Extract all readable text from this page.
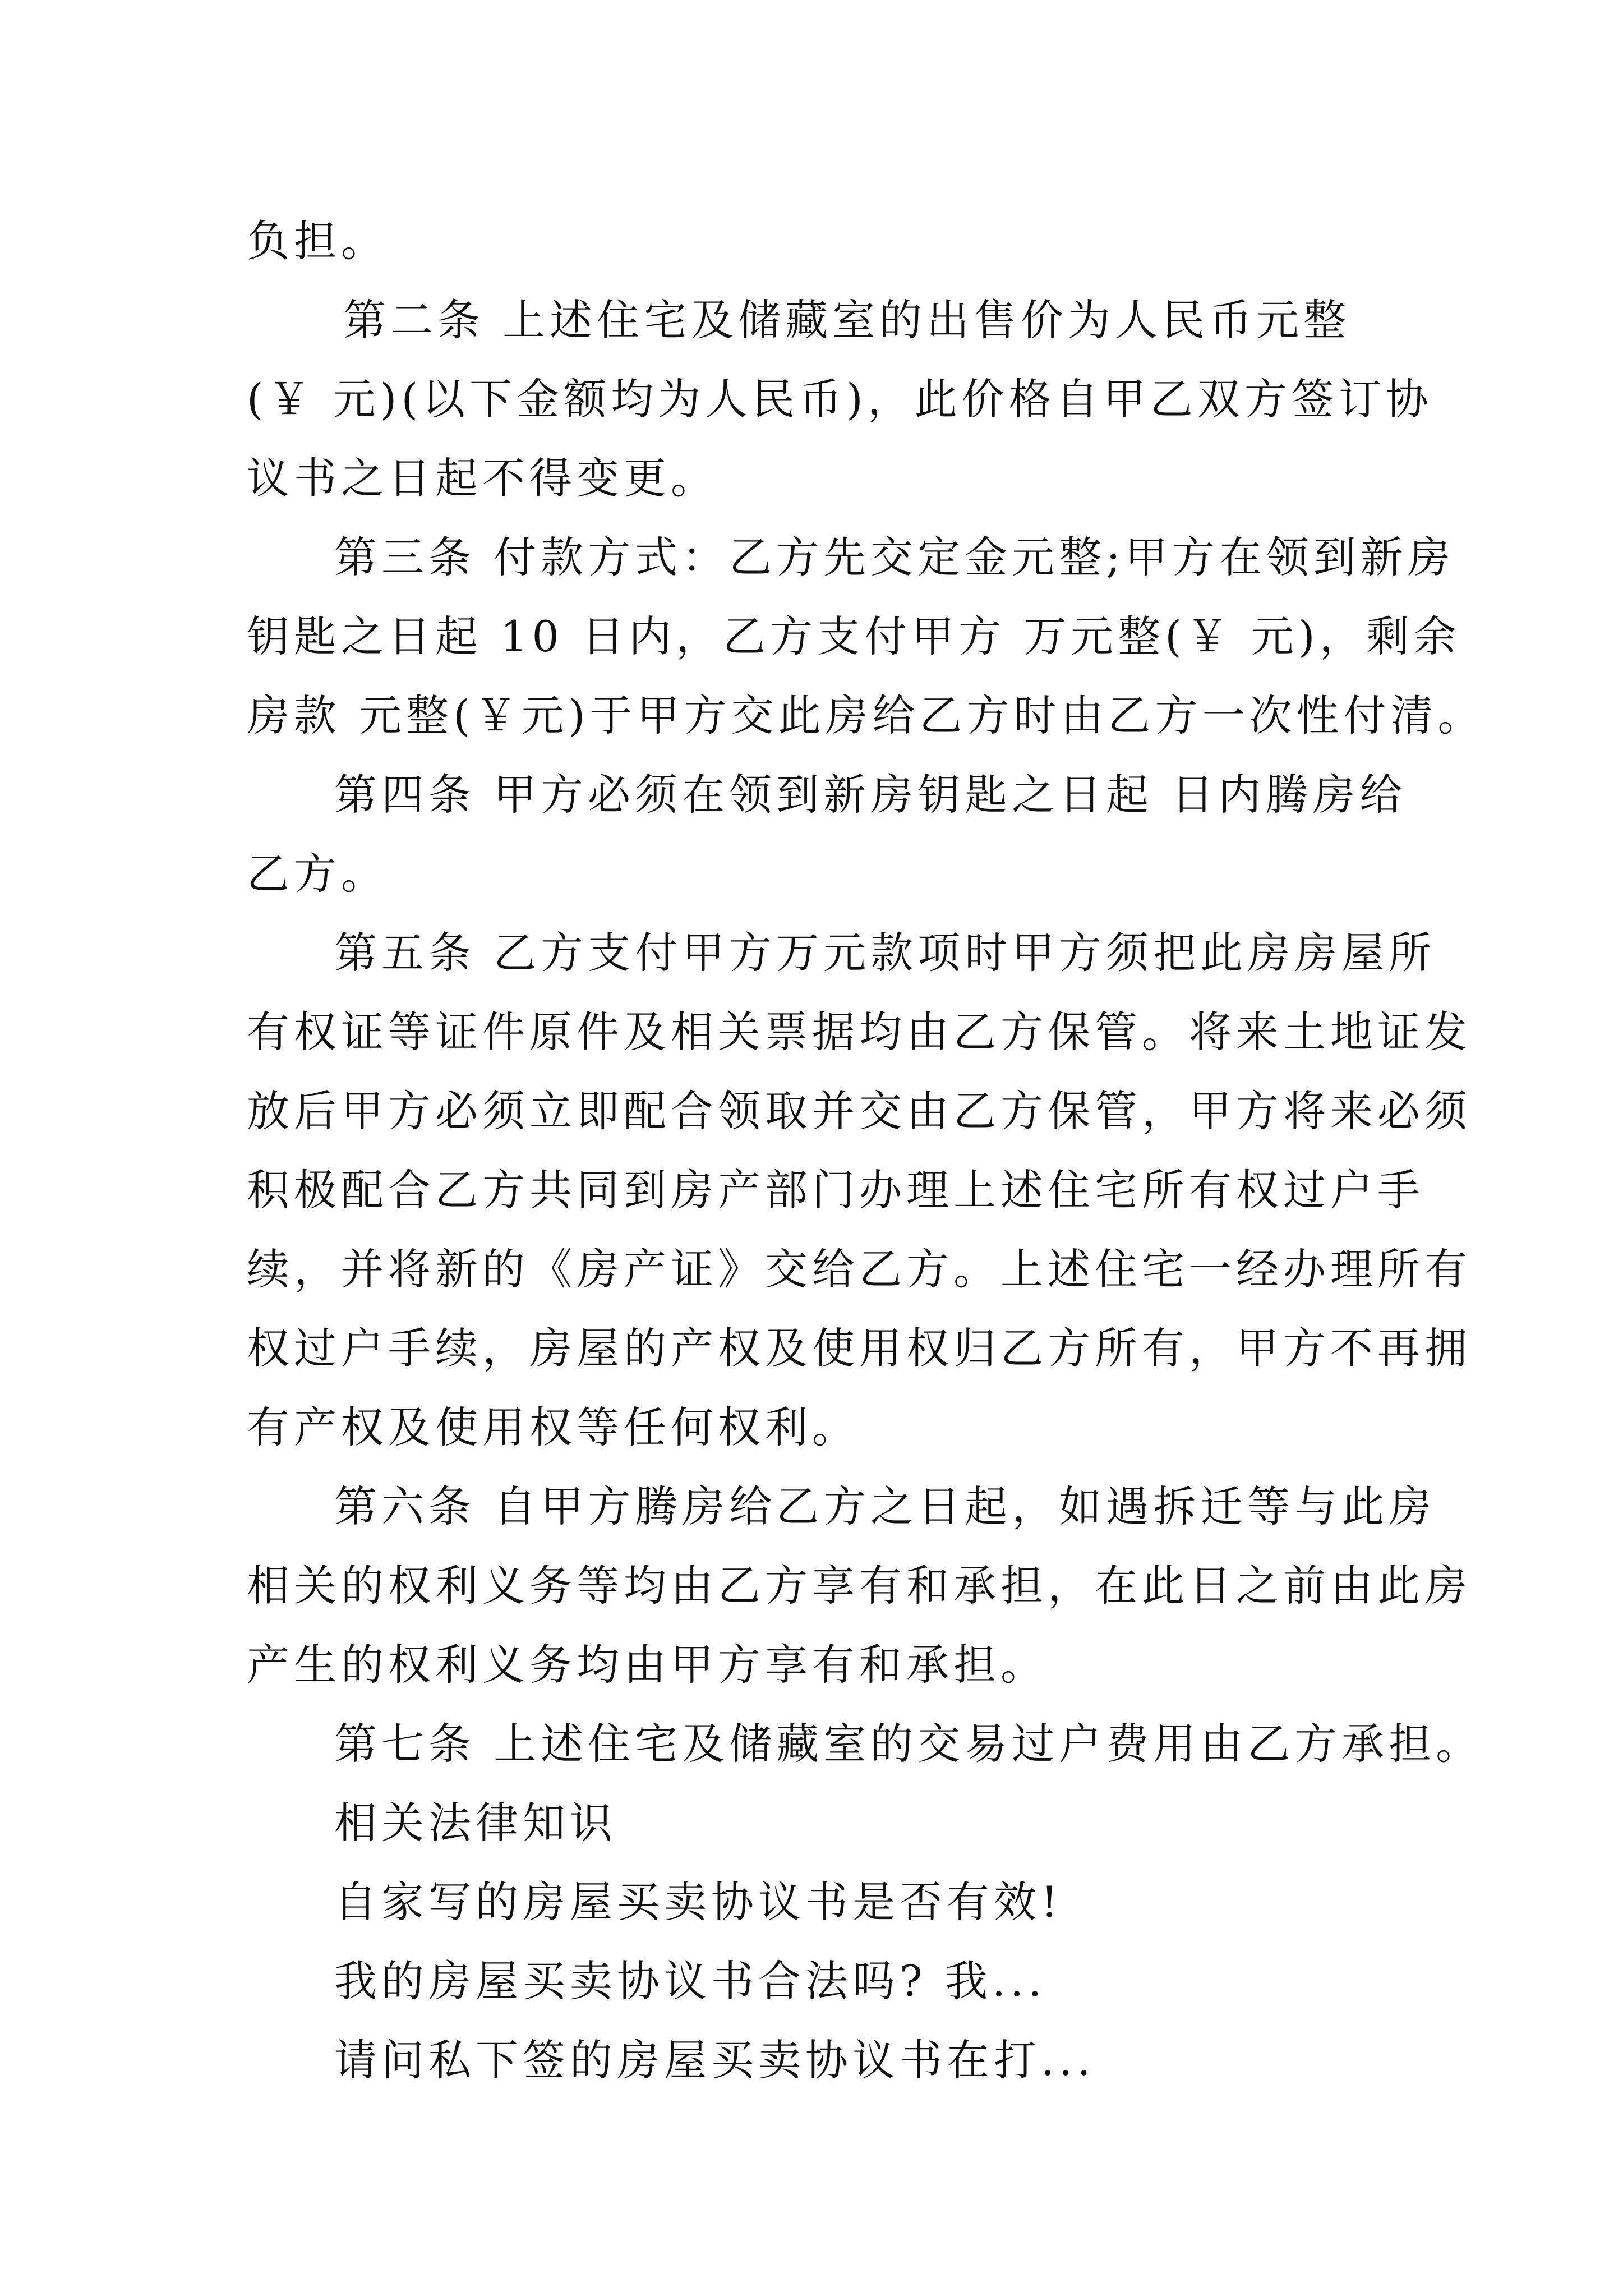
负担。
第二条 上述住宅及储藏室的出售价为人民币元整
(￥ 元)(以下金额均为人民币)，此价格自甲乙双方签订协
议书之日起不得变更。
第三条 付款方式：乙方先交定金元整;甲方在领到新房
钥匙之日起 10 日内，乙方支付甲方 万元整(￥ 元)，剩余
房款 元整(￥元)于甲方交此房给乙方时由乙方一次性付清。
第四条 甲方必须在领到新房钥匙之日起 日内腾房给
乙方。
第五条 乙方支付甲方万元款项时甲方须把此房房屋所
有权证等证件原件及相关票据均由乙方保管。将来土地证发
放后甲方必须立即配合领取并交由乙方保管，甲方将来必须
积极配合乙方共同到房产部门办理上述住宅所有权过户手
续，并将新的《房产证》交给乙方。上述住宅一经办理所有
权过户手续，房屋的产权及使用权归乙方所有，甲方不再拥
有产权及使用权等任何权利。
第六条 自甲方腾房给乙方之日起，如遇拆迁等与此房
相关的权利义务等均由乙方享有和承担，在此日之前由此房
产生的权利义务均由甲方享有和承担。
第七条 上述住宅及储藏室的交易过户费用由乙方承担。
相关法律知识
自家写的房屋买卖协议书是否有效!
我的房屋买卖协议书合法吗? 我...
请问私下签的房屋买卖协议书在打...
